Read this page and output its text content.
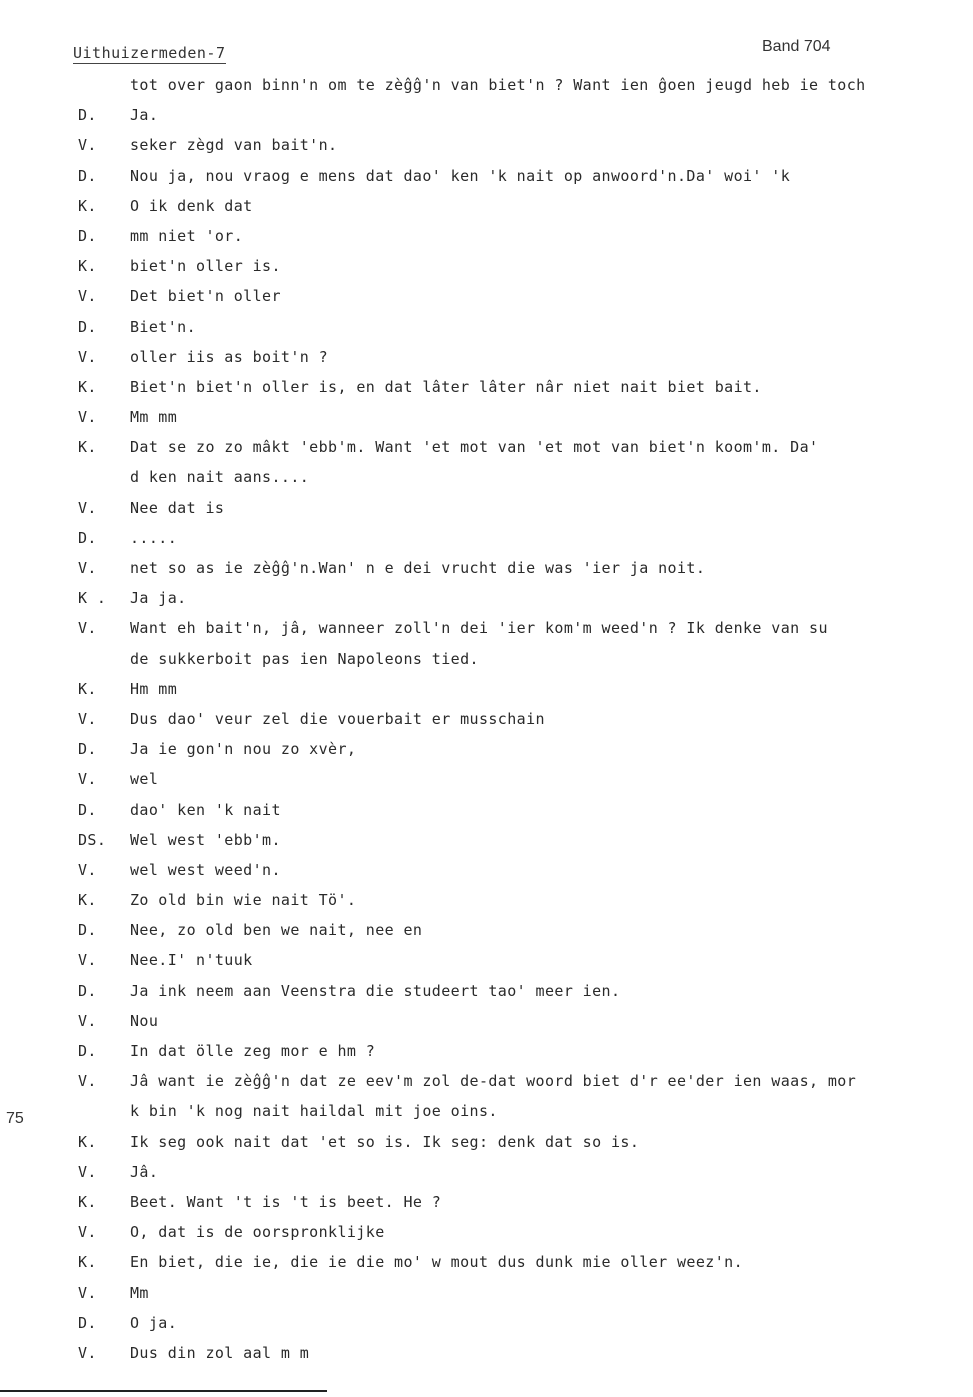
Uithuizermeden-7	Band 704
tot over gaon binn'n om te zèĝĝ'n van biet'n ? Want ien ĝoen jeugd heb ie toch
D.	Ja.
V.	seker zègd van bait'n.
D.	Nou ja, nou vraog e mens dat dao' ken 'k nait op anwoord'n.Da' woi' 'k
K.	O ik denk dat
D.	mm niet 'or.
K.	biet'n oller is.
V.	Det biet'n oller
D.	Biet'n.
V.	oller iis as boit'n ?
K.	Biet'n biet'n oller is, en dat lâter lâter nâr niet nait biet bait.
V.	Mm mm
K.	Dat se zo zo mâkt 'ebb'm. Want 'et mot van 'et mot van biet'n koom'm. Da'
d ken nait aans....
V.	Nee dat is
D.	.....
V.	net so as ie zèĝĝ'n.Wan' n e dei vrucht die was 'ier ja noit.
K .	Ja ja.
V.	Want eh bait'n, jâ, wanneer zoll'n dei 'ier kom'm weed'n ? Ik denke van su
de sukkerboit pas ien Napoleons tied.
K.	Hm mm
V.	Dus dao' veur zel die vouerbait er musschain
D.	Ja ie gon'n nou zo xvèr,
V.	wel
D.	dao' ken 'k nait
DS.	Wel west 'ebb'm.
V.	wel west weed'n.
K.	Zo old bin wie nait Tö'.
D.	Nee, zo old ben we nait, nee en
V.	Nee.I' n'tuuk
D.	Ja ink neem aan Veenstra die studeert tao' meer ien.
V.	Nou
D.	In dat ölle zeg mor e hm ?
V.	Jâ want ie zèĝĝ'n dat ze eev'm zol de-dat woord biet d'r ee'der ien waas, mor
k bin 'k nog nait haildal mit joe oins.
K.	Ik seg ook nait dat 'et so is. Ik seg: denk dat so is.
V.	Jâ.
K.	Beet. Want 't is 't is beet. He ?
V.	O, dat is de oorspronklijke
K.	En biet, die ie, die ie die mo' w mout dus dunk mie oller weez'n.
V.	Mm
D.	O ja.
V.	Dus din zol aal m m
75
